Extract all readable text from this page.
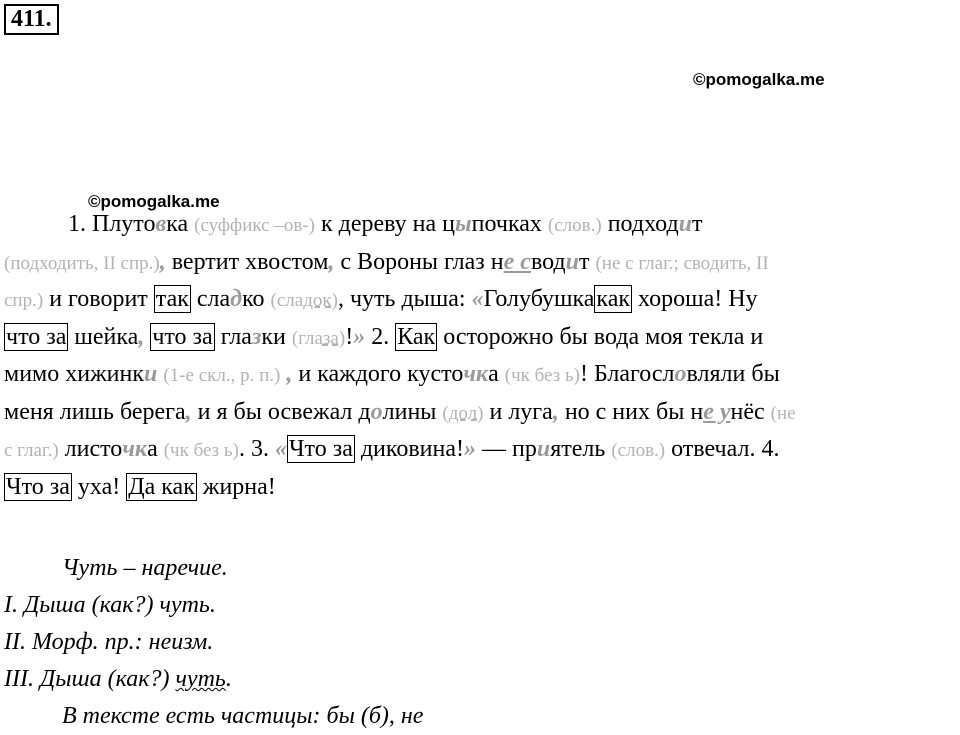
411.
©pomogalka.me
©pomogalka.me
1. Плутовка (суффикс –ов-) к дереву на цыпочках (слов.) подходит
(подходить, II спр.), вертит хвостом, с Вороны глаз не сводит (не с глаг.; сводить, II
спр.) и говорит так сладко (сладок), чуть дыша: «Голубушкакак хороша! Ну
что за шейка, что за глазки (глаза)!» 2. Как осторожно бы вода моя текла и
мимо хижинки (1-е скл., р. п.) , и каждого кусточка (чк без ь)! Благословляли бы
меня лишь берега, и я бы освежал долины (дол) и луга, но с них бы не унёс (не
с глаг.) листочка (чк без ь). 3. «Что за диковина!» — приятель (слов.) отвечал. 4.
Что за уха! Да как жирна!
Чуть – наречие.
I. Дыша (как?) чуть.
II. Морф. пр.: неизм.
III. Дыша (как?) чуть.
В тексте есть частицы: бы (б), не
